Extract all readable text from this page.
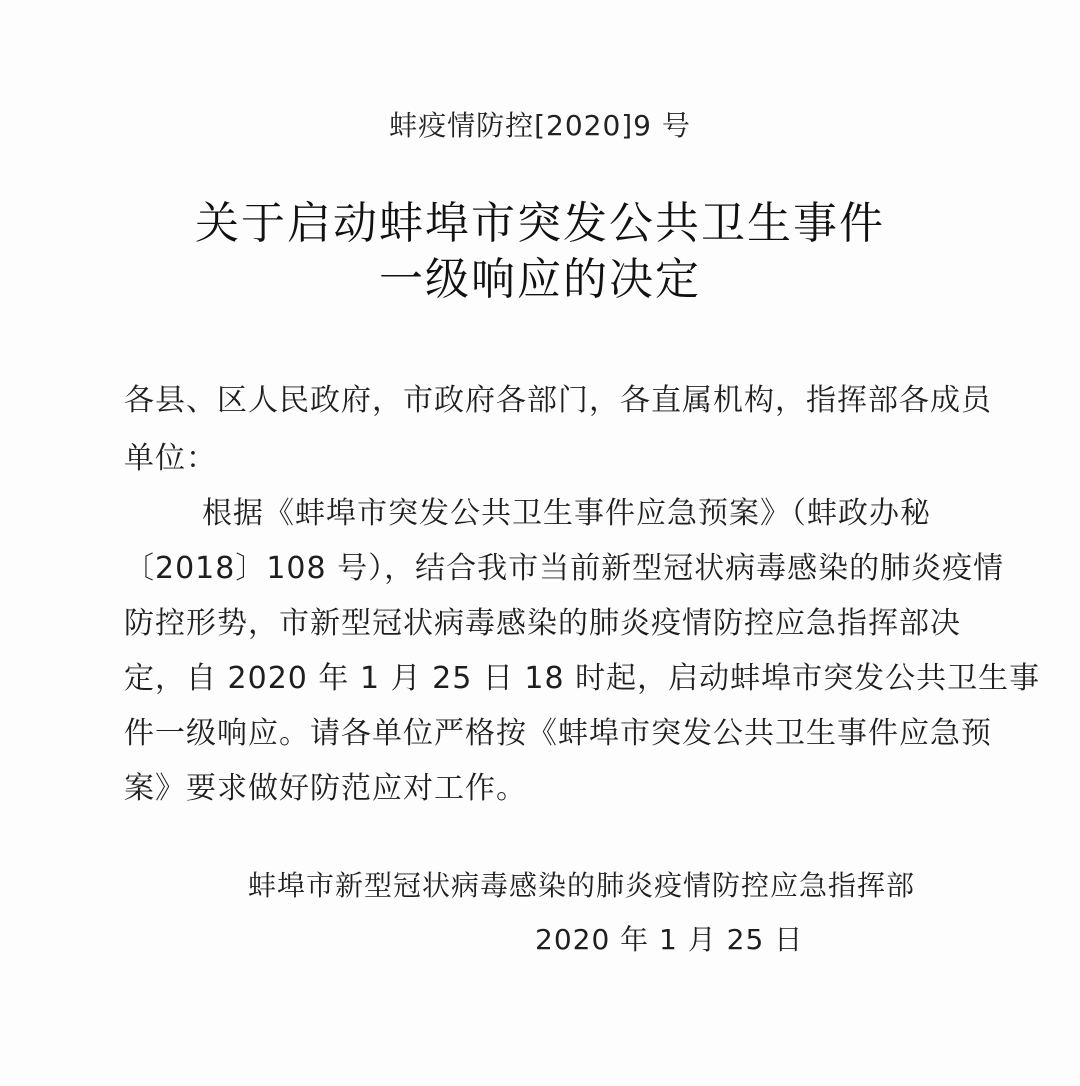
蚌疫情防控[2020]9 号
关于启动蚌埠市突发公共卫生事件
一级响应的决定
各县、区人民政府，市政府各部门，各直属机构，指挥部各成员
单位：
根据《蚌埠市突发公共卫生事件应急预案》（蚌政办秘
〔2018〕108 号），结合我市当前新型冠状病毒感染的肺炎疫情
防控形势，市新型冠状病毒感染的肺炎疫情防控应急指挥部决
定，自 2020 年 1 月 25 日 18 时起，启动蚌埠市突发公共卫生事
件一级响应。请各单位严格按《蚌埠市突发公共卫生事件应急预
案》要求做好防范应对工作。
蚌埠市新型冠状病毒感染的肺炎疫情防控应急指挥部
2020 年 1 月 25 日
